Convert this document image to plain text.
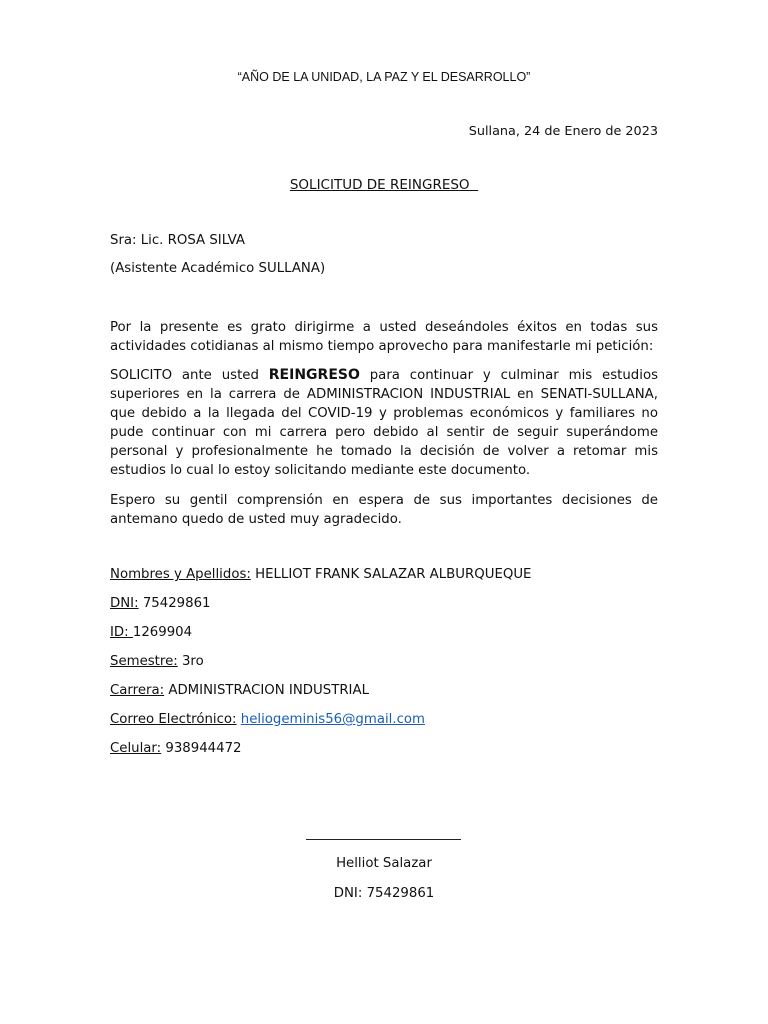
“AÑO DE LA UNIDAD, LA PAZ Y EL DESARROLLO”
Sullana, 24 de Enero de 2023
SOLICITUD DE REINGRESO
Sra: Lic. ROSA SILVA
(Asistente Académico SULLANA)
Por la presente es grato dirigirme a usted deseándoles éxitos en todas sus actividades cotidianas al mismo tiempo aprovecho para manifestarle mi petición:
SOLICITO ante usted REINGRESO para continuar y culminar mis estudios superiores en la carrera de ADMINISTRACION INDUSTRIAL en SENATI-SULLANA, que debido a la llegada del COVID-19 y problemas económicos y familiares no pude continuar con mi carrera pero debido al sentir de seguir superándome personal y profesionalmente he tomado la decisión de volver a retomar mis estudios lo cual lo estoy solicitando mediante este documento.
Espero su gentil comprensión en espera de sus importantes decisiones de antemano quedo de usted muy agradecido.
Nombres y Apellidos: HELLIOT FRANK SALAZAR ALBURQUEQUE
DNI: 75429861
ID: 1269904
Semestre: 3ro
Carrera: ADMINISTRACION INDUSTRIAL
Correo Electrónico: heliogeminis56@gmail.com
Celular: 938944472
Helliot Salazar
DNI: 75429861
